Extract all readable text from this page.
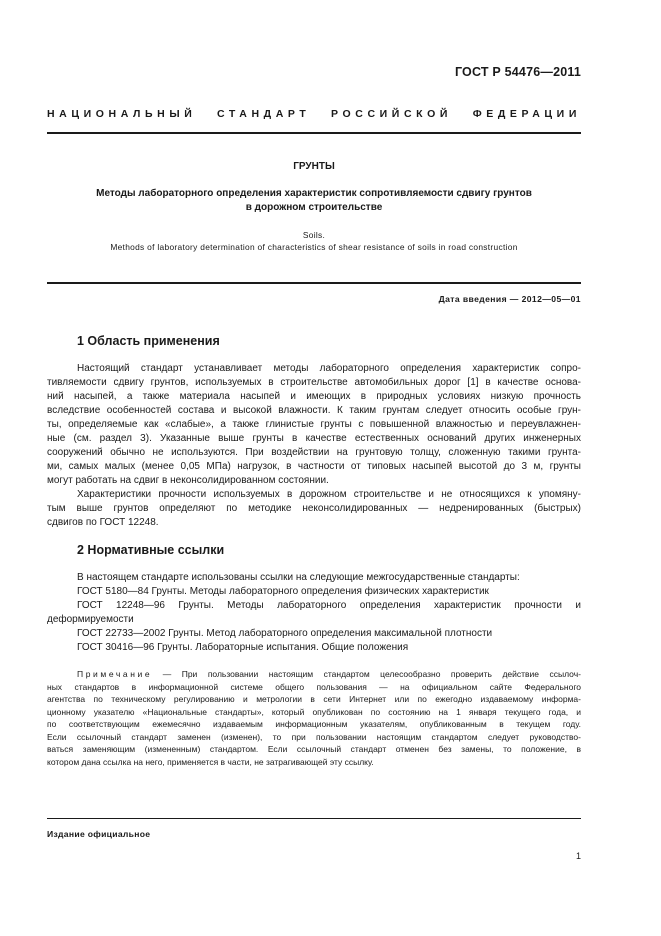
ГОСТ Р 54476—2011
НАЦИОНАЛЬНЫЙ СТАНДАРТ РОССИЙСКОЙ ФЕДЕРАЦИИ
ГРУНТЫ
Методы лабораторного определения характеристик сопротивляемости сдвигу грунтов
в дорожном строительстве
Soils.
Methods of laboratory determination of characteristics of shear resistance of soils in road construction
Дата введения — 2012—05—01
1 Область применения
Настоящий стандарт устанавливает методы лабораторного определения характеристик сопро-
тивляемости сдвигу грунтов, используемых в строительстве автомобильных дорог [1] в качестве основа-
ний насыпей, а также материала насыпей и имеющих в природных условиях низкую прочность
вследствие особенностей состава и высокой влажности. К таким грунтам следует относить особые грун-
ты, определяемые как «слабые», а также глинистые грунты с повышенной влажностью и переувлажнен-
ные (см. раздел 3). Указанные выше грунты в качестве естественных оснований других инженерных
сооружений обычно не используются. При воздействии на грунтовую толщу, сложенную такими грунта-
ми, самых малых (менее 0,05 МПа) нагрузок, в частности от типовых насыпей высотой до 3 м, грунты
могут работать на сдвиг в неконсолидированном состоянии.
Характеристики прочности используемых в дорожном строительстве и не относящихся к упомяну-
тым выше грунтов определяют по методике неконсолидированных — недренированных (быстрых)
сдвигов по ГОСТ 12248.
2 Нормативные ссылки
В настоящем стандарте использованы ссылки на следующие межгосударственные стандарты:
ГОСТ 5180—84 Грунты. Методы лабораторного определения физических характеристик
ГОСТ 12248—96 Грунты. Методы лабораторного определения характеристик прочности и
деформируемости
ГОСТ 22733—2002 Грунты. Метод лабораторного определения максимальной плотности
ГОСТ 30416—96 Грунты. Лабораторные испытания. Общие положения
Примечание — При пользовании настоящим стандартом целесообразно проверить действие ссылоч-
ных стандартов в информационной системе общего пользования — на официальном сайте Федерального
агентства по техническому регулированию и метрологии в сети Интернет или по ежегодно издаваемому информа-
ционному указателю «Национальные стандарты», который опубликован по состоянию на 1 января текущего года, и
по соответствующим ежемесячно издаваемым информационным указателям, опубликованным в текущем году.
Если ссылочный стандарт заменен (изменен), то при пользовании настоящим стандартом следует руководство-
ваться заменяющим (измененным) стандартом. Если ссылочный стандарт отменен без замены, то положение, в
котором дана ссылка на него, применяется в части, не затрагивающей эту ссылку.
Издание официальное
1
